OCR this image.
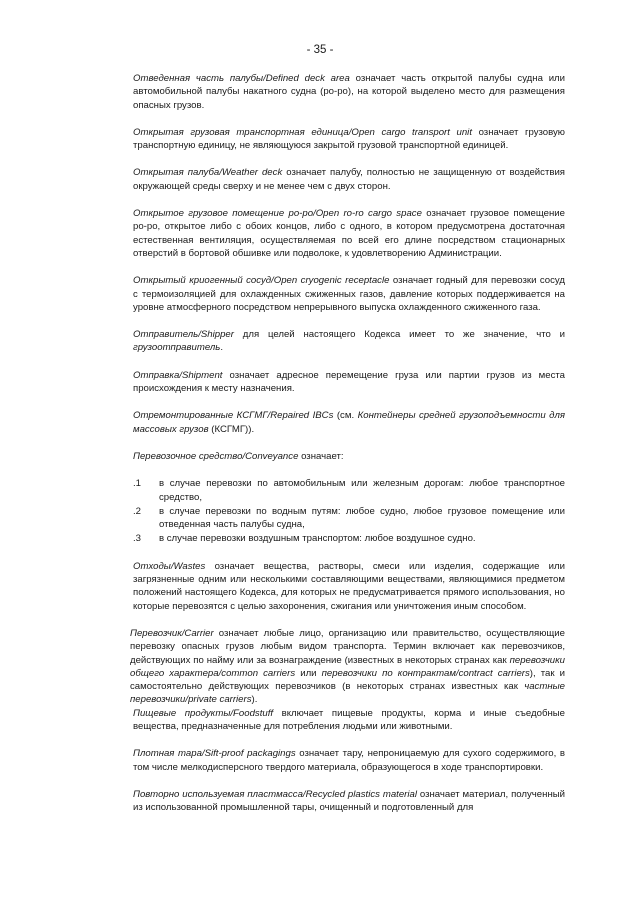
- 35 -

Отведенная часть палубы/Defined deck area означает часть открытой палубы судна или автомобильной палубы накатного судна (ро-ро), на которой выделено место для размещения опасных грузов.

Открытая грузовая транспортная единица/Open cargo transport unit означает грузовую транспортную единицу, не являющуюся закрытой грузовой транспортной единицей.

Открытая палуба/Weather deck означает палубу, полностью не защищенную от воздействия окружающей среды сверху и не менее чем с двух сторон.

Открытое грузовое помещение ро-ро/Open ro-ro cargo space означает грузовое помещение ро-ро, открытое либо с обоих концов, либо с одного, в котором предусмотрена достаточная естественная вентиляция, осуществляемая по всей его длине посредством стационарных отверстий в бортовой обшивке или подволоке, к удовлетворению Администрации.

Открытый криогенный сосуд/Open cryogenic receptacle означает годный для перевозки сосуд с термоизоляцией для охлажденных сжиженных газов, давление которых поддерживается на уровне атмосферного посредством непрерывного выпуска охлажденного сжиженного газа.

Отправитель/Shipper для целей настоящего Кодекса имеет то же значение, что и грузоотправитель.

Отправка/Shipment означает адресное перемещение груза или партии грузов из места происхождения к месту назначения.

Отремонтированные КСГМГ/Repaired IBCs (см. Контейнеры средней грузоподъемности для массовых грузов (КСГМГ)).

Перевозочное средство/Conveyance означает:

.1	в случае перевозки по автомобильным или железным дорогам: любое транспортное средство,
.2	в случае перевозки по водным путям: любое судно, любое грузовое помещение или отведенная часть палубы судна,
.3	в случае перевозки воздушным транспортом: любое воздушное судно.

Отходы/Wastes означает вещества, растворы, смеси или изделия, содержащие или загрязненные одним или несколькими составляющими веществами, являющимися предметом положений настоящего Кодекса, для которых не предусматривается прямого использования, но которые перевозятся с целью захоронения, сжигания или уничтожения иным способом.

Перевозчик/Carrier означает любые лицо, организацию или правительство, осуществляющие перевозку опасных грузов любым видом транспорта. Термин включает как перевозчиков, действующих по найму или за вознаграждение (известных в некоторых странах как перевозчики общего характера/common carriers или перевозчики по контрактам/contract carriers), так и самостоятельно действующих перевозчиков (в некоторых странах известных как частные перевозчики/private carriers).

Пищевые продукты/Foodstuff включает пищевые продукты, корма и иные съедобные вещества, предназначенные для потребления людьми или животными.

Плотная тара/Sift-proof packagings означает тару, непроницаемую для сухого содержимого, в том числе мелкодисперсного твердого материала, образующегося в ходе транспортировки.

Повторно используемая пластмасса/Recycled plastics material означает материал, полученный из использованной промышленной тары, очищенный и подготовленный для
